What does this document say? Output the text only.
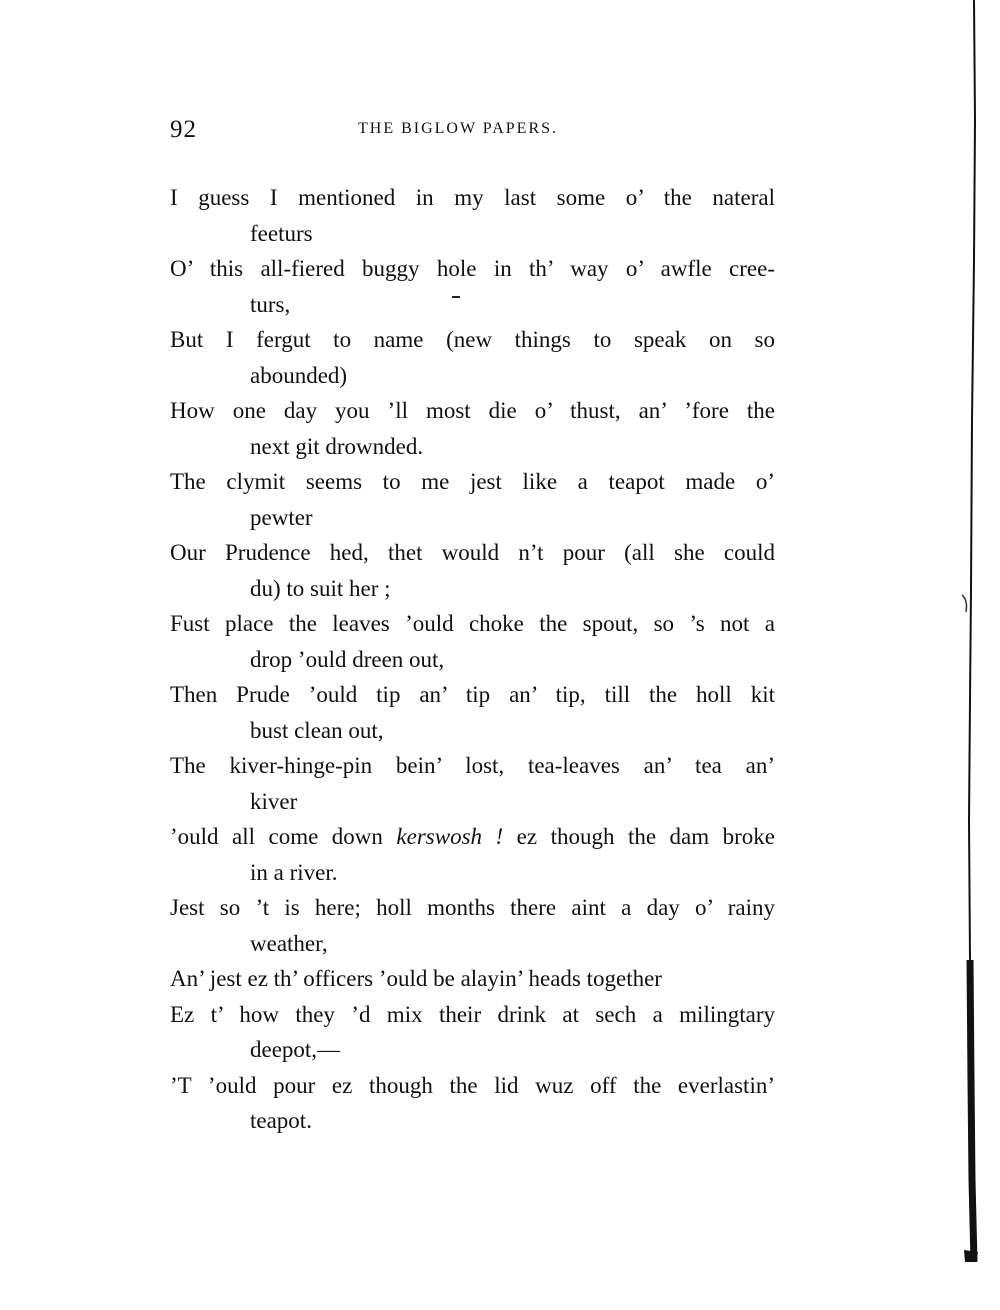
92	THE BIGLOW PAPERS.
I guess I mentioned in my last some o’ the nateral
feeturs
O’ this all-fiered buggy hole in th’ way o’ awfle cree-
turs,
But I fergut to name (new things to speak on so
abounded)
How one day you ’ll most die o’ thust, an’ ’fore the
next git drownded.
The clymit seems to me jest like a teapot made o’
pewter
Our Prudence hed, thet would n’t pour (all she could
du) to suit her ;
Fust place the leaves ’ould choke the spout, so ’s not a
drop ’ould dreen out,
Then Prude ’ould tip an’ tip an’ tip, till the holl kit
bust clean out,
The kiver-hinge-pin bein’ lost, tea-leaves an’ tea an’
kiver
’ould all come down kerswosh ! ez though the dam broke
in a river.
Jest so ’t is here; holl months there aint a day o’ rainy
weather,
An’ jest ez th’ officers ’ould be alayin’ heads together
Ez t’ how they ’d mix their drink at sech a milingtary
deepot,—
’T ’ould pour ez though the lid wuz off the everlastin’
teapot.
